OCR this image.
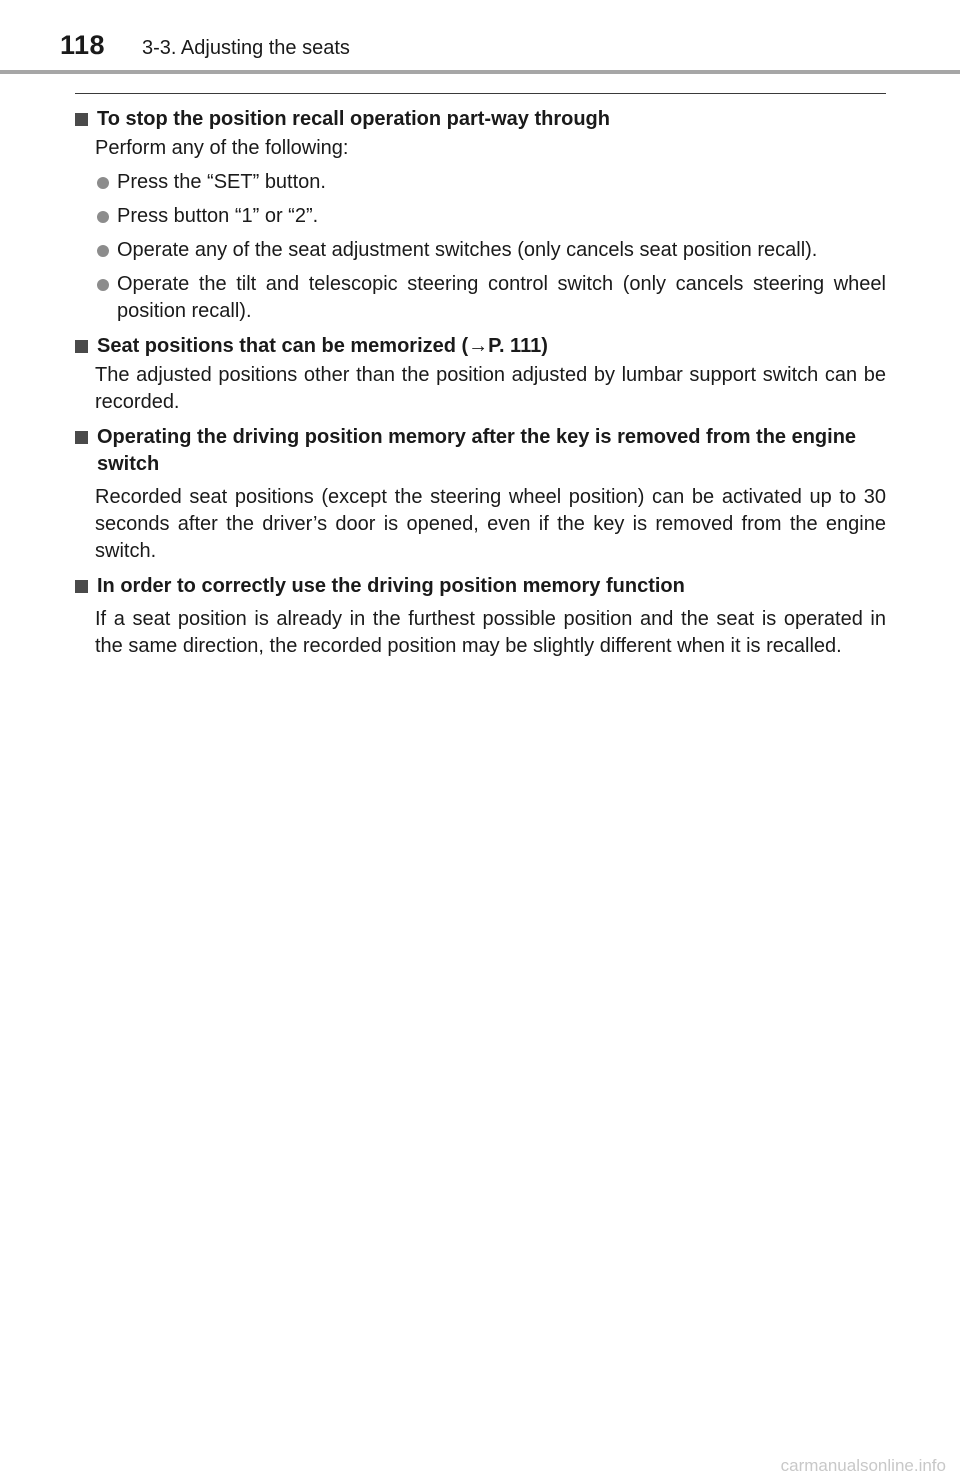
118 3-3. Adjusting the seats
To stop the position recall operation part-way through
Perform any of the following:
Press the “SET” button.
Press button “1” or “2”.
Operate any of the seat adjustment switches (only cancels seat position recall).
Operate the tilt and telescopic steering control switch (only cancels steering wheel position recall).
Seat positions that can be memorized (→P. 111)
The adjusted positions other than the position adjusted by lumbar support switch can be recorded.
Operating the driving position memory after the key is removed from the engine switch
Recorded seat positions (except the steering wheel position) can be activated up to 30 seconds after the driver’s door is opened, even if the key is removed from the engine switch.
In order to correctly use the driving position memory function
If a seat position is already in the furthest possible position and the seat is operated in the same direction, the recorded position may be slightly different when it is recalled.
carmanualsonline.info
